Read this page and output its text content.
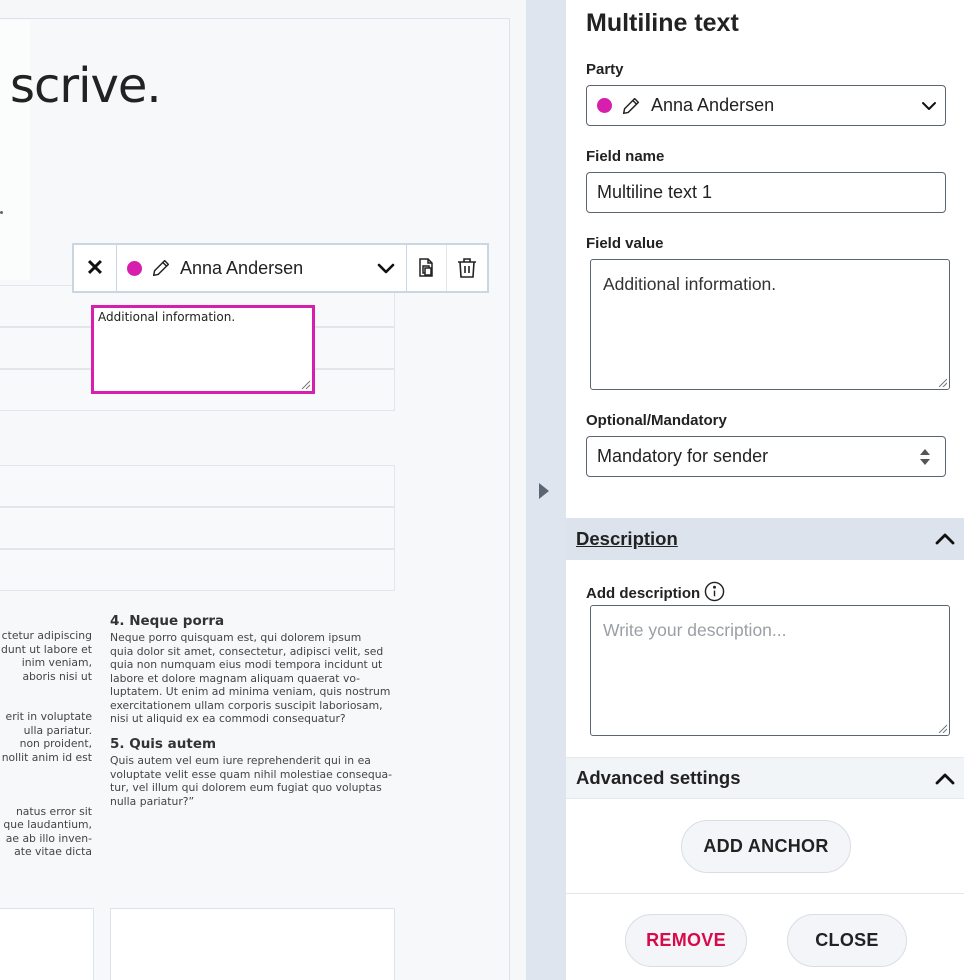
scrive.
Additional information.
✕	Anna Andersen

ctetur adipiscing

dunt ut labore et

inim veniam,

aboris nisi ut

erit in voluptate

ulla pariatur.

non proident,

nollit anim id est

natus error sit

que laudantium,

ae ab illo inven-

ate vitae dicta

4. Neque porra

Neque porro quisquam est, qui dolorem ipsum

quia dolor sit amet, consectetur, adipisci velit, sed

quia non numquam eius modi tempora incidunt ut

labore et dolore magnam aliquam quaerat vo-

luptatem. Ut enim ad minima veniam, quis nostrum

exercitationem ullam corporis suscipit laboriosam,

nisi ut aliquid ex ea commodi consequatur?

5. Quis autem

Quis autem vel eum iure reprehenderit qui in ea

voluptate velit esse quam nihil molestiae consequa-

tur, vel illum qui dolorem eum fugiat quo voluptas

nulla pariatur?”

Multiline text
Party
Anna Andersen
Field name
Multiline text 1
Field value
Additional information.
Optional/Mandatory
Mandatory for sender
Description
Add description
Write your description...
Advanced settings
ADD ANCHOR
REMOVE	CLOSE
